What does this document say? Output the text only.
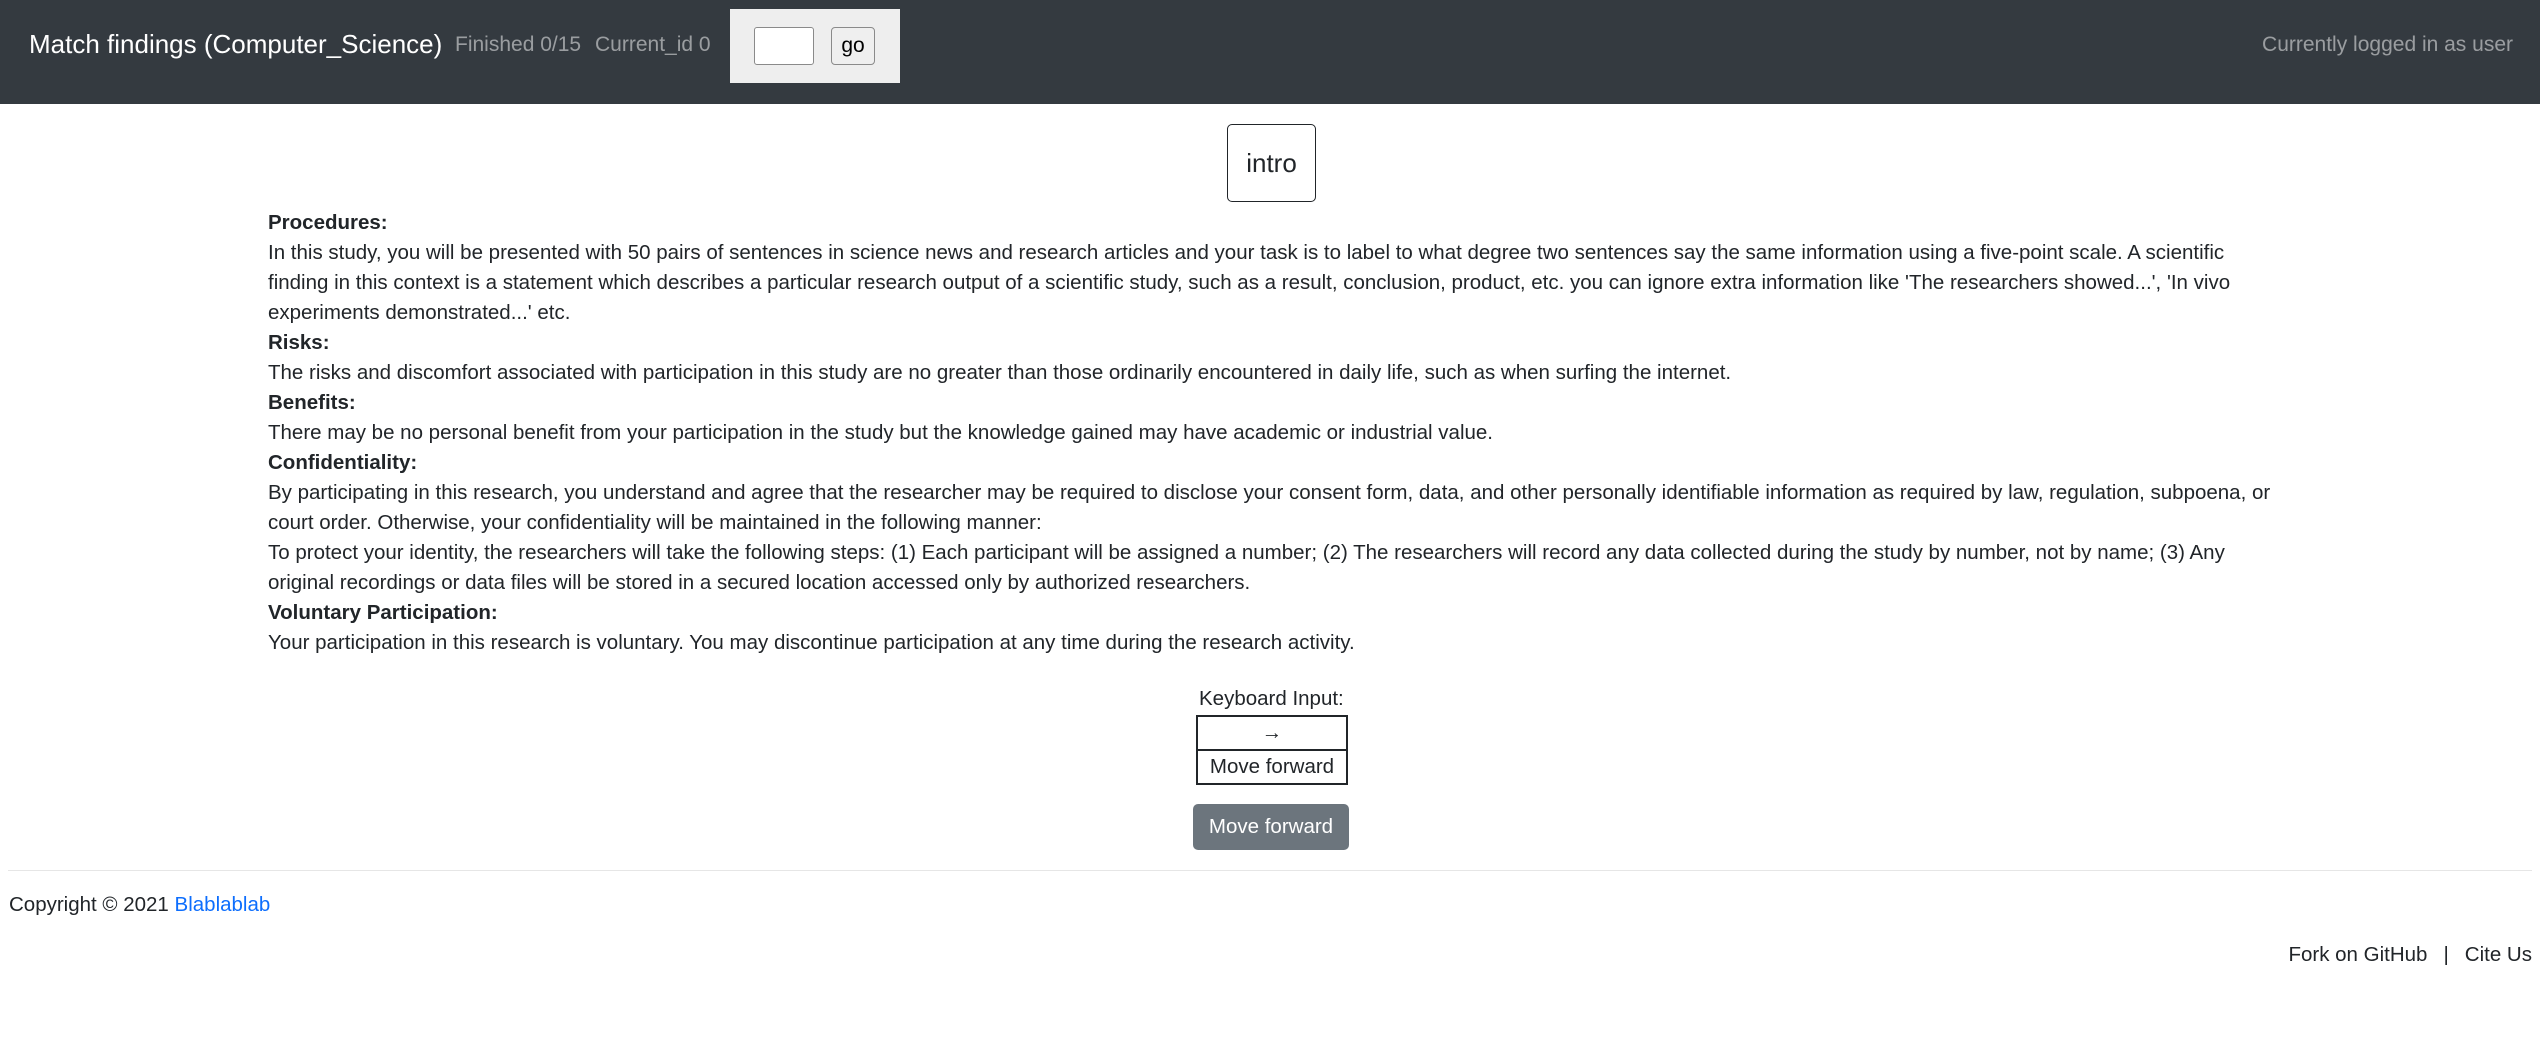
Match findings (Computer_Science) Finished 0/15 Current_id 0	go	Currently logged in as user
intro
Procedures:
In this study, you will be presented with 50 pairs of sentences in science news and research articles and your task is to label to what degree two sentences say the same information using a five-point scale. A scientific finding in this context is a statement which describes a particular research output of a scientific study, such as a result, conclusion, product, etc. you can ignore extra information like 'The researchers showed...', 'In vivo experiments demonstrated...' etc.
Risks:
The risks and discomfort associated with participation in this study are no greater than those ordinarily encountered in daily life, such as when surfing the internet.
Benefits:
There may be no personal benefit from your participation in the study but the knowledge gained may have academic or industrial value.
Confidentiality:
By participating in this research, you understand and agree that the researcher may be required to disclose your consent form, data, and other personally identifiable information as required by law, regulation, subpoena, or court order. Otherwise, your confidentiality will be maintained in the following manner:
To protect your identity, the researchers will take the following steps: (1) Each participant will be assigned a number; (2) The researchers will record any data collected during the study by number, not by name; (3) Any original recordings or data files will be stored in a secured location accessed only by authorized researchers.
Voluntary Participation:
Your participation in this research is voluntary. You may discontinue participation at any time during the research activity.
Keyboard Input:
→
Move forward
Move forward
Copyright © 2021 Blablablab
Fork on GitHub | Cite Us
